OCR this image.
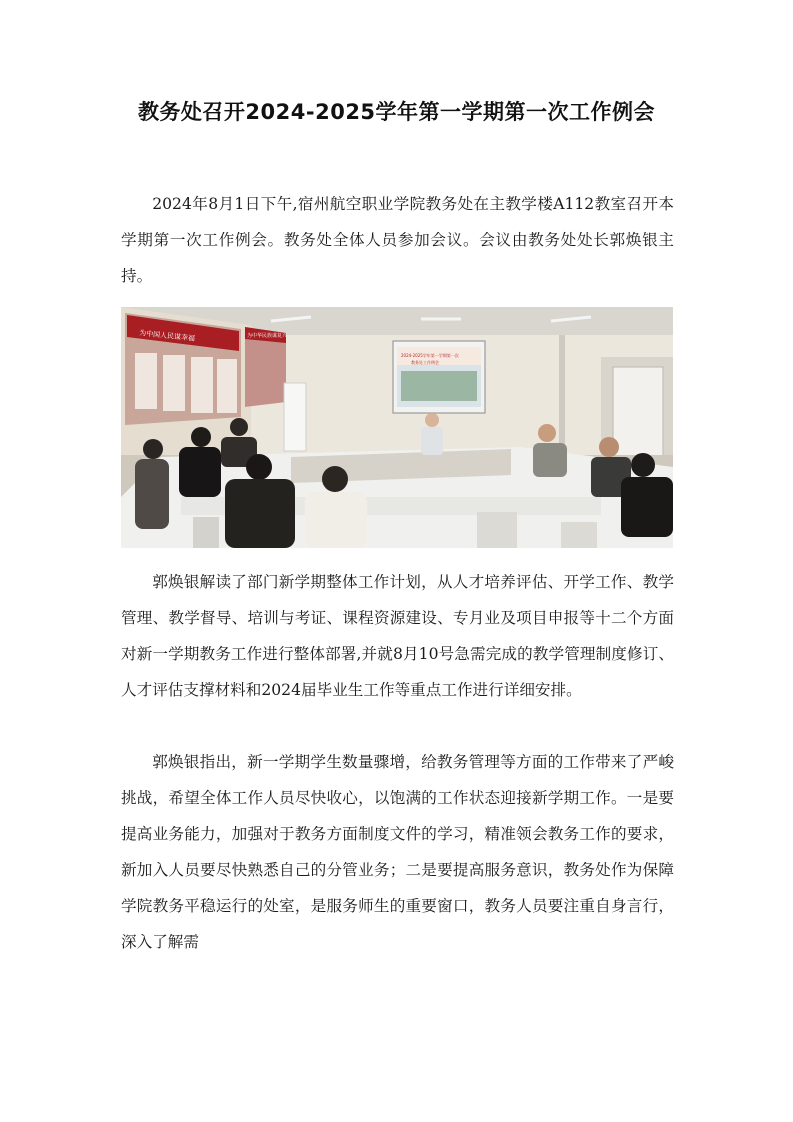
教务处召开2024-2025学年第一学期第一次工作例会

2024年8月1日下午,宿州航空职业学院教务处在主教学楼A112教室召开本学期第一次工作例会。教务处全体人员参加会议。会议由教务处处长郭焕银主持。

为中国人民谋幸福	为中华民族谋复兴
2024-2025学年第一学期第一次
教务处工作例会

郭焕银解读了部门新学期整体工作计划，从人才培养评估、开学工作、教学管理、教学督导、培训与考证、课程资源建设、专月业及项目申报等十二个方面对新一学期教务工作进行整体部署,并就8月10号急需完成的教学管理制度修订、人才评估支撑材料和2024届毕业生工作等重点工作进行详细安排。

郭焕银指出，新一学期学生数量骤增，给教务管理等方面的工作带来了严峻挑战，希望全体工作人员尽快收心，以饱满的工作状态迎接新学期工作。一是要提高业务能力，加强对于教务方面制度文件的学习，精准领会教务工作的要求，新加入人员要尽快熟悉自己的分管业务；二是要提高服务意识，教务处作为保障学院教务平稳运行的处室，是服务师生的重要窗口，教务人员要注重自身言行，深入了解需
